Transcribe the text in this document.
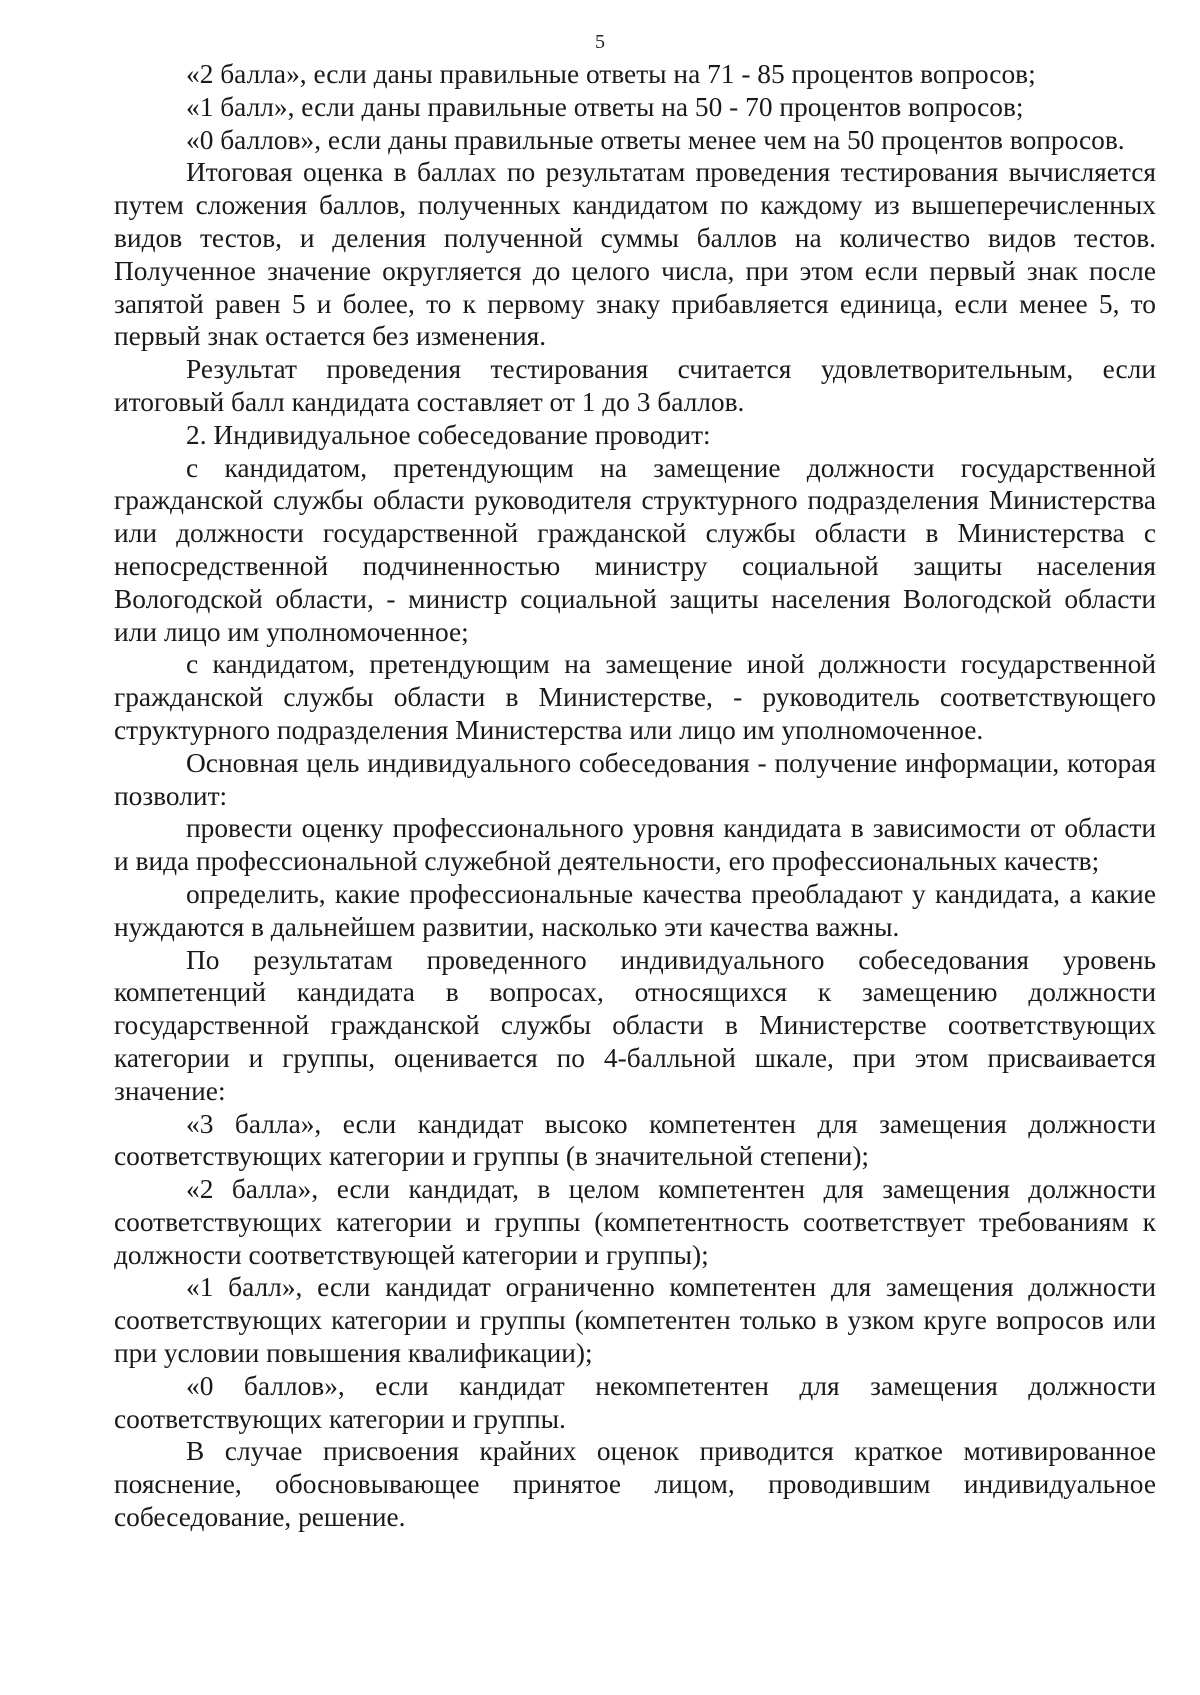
5

«2 балла», если даны правильные ответы на 71 - 85 процентов вопросов;

«1 балл», если даны правильные ответы на 50 - 70 процентов вопросов;

«0 баллов», если даны правильные ответы менее чем на 50 процентов вопросов.

Итоговая оценка в баллах по результатам проведения тестирования вычисляется путем сложения баллов, полученных кандидатом по каждому из вышеперечисленных видов тестов, и деления полученной суммы баллов на количество видов тестов. Полученное значение округляется до целого числа, при этом если первый знак после запятой равен 5 и более, то к первому знаку прибавляется единица, если менее 5, то первый знак остается без изменения.

Результат проведения тестирования считается удовлетворительным, если итоговый балл кандидата составляет от 1 до 3 баллов.

2. Индивидуальное собеседование проводит:

с кандидатом, претендующим на замещение должности государственной гражданской службы области руководителя структурного подразделения Министерства или должности государственной гражданской службы области в Министерства с непосредственной подчиненностью министру социальной защиты населения Вологодской области, - министр социальной защиты населения Вологодской области или лицо им уполномоченное;

с кандидатом, претендующим на замещение иной должности государственной гражданской службы области в Министерстве, - руководитель соответствующего структурного подразделения Министерства или лицо им уполномоченное.

Основная цель индивидуального собеседования - получение информации, которая позволит:

провести оценку профессионального уровня кандидата в зависимости от области и вида профессиональной служебной деятельности, его профессиональных качеств;

определить, какие профессиональные качества преобладают у кандидата, а какие нуждаются в дальнейшем развитии, насколько эти качества важны.

По результатам проведенного индивидуального собеседования уровень компетенций кандидата в вопросах, относящихся к замещению должности государственной гражданской службы области в Министерстве соответствующих категории и группы, оценивается по 4-балльной шкале, при этом присваивается значение:

«3 балла», если кандидат высоко компетентен для замещения должности соответствующих категории и группы (в значительной степени);

«2 балла», если кандидат, в целом компетентен для замещения должности соответствующих категории и группы (компетентность соответствует требованиям к должности соответствующей категории и группы);

«1 балл», если кандидат ограниченно компетентен для замещения должности соответствующих категории и группы (компетентен только в узком круге вопросов или при условии повышения квалификации);

«0 баллов», если кандидат некомпетентен для замещения должности соответствующих категории и группы.

В случае присвоения крайних оценок приводится краткое мотивированное пояснение, обосновывающее принятое лицом, проводившим индивидуальное собеседование, решение.
